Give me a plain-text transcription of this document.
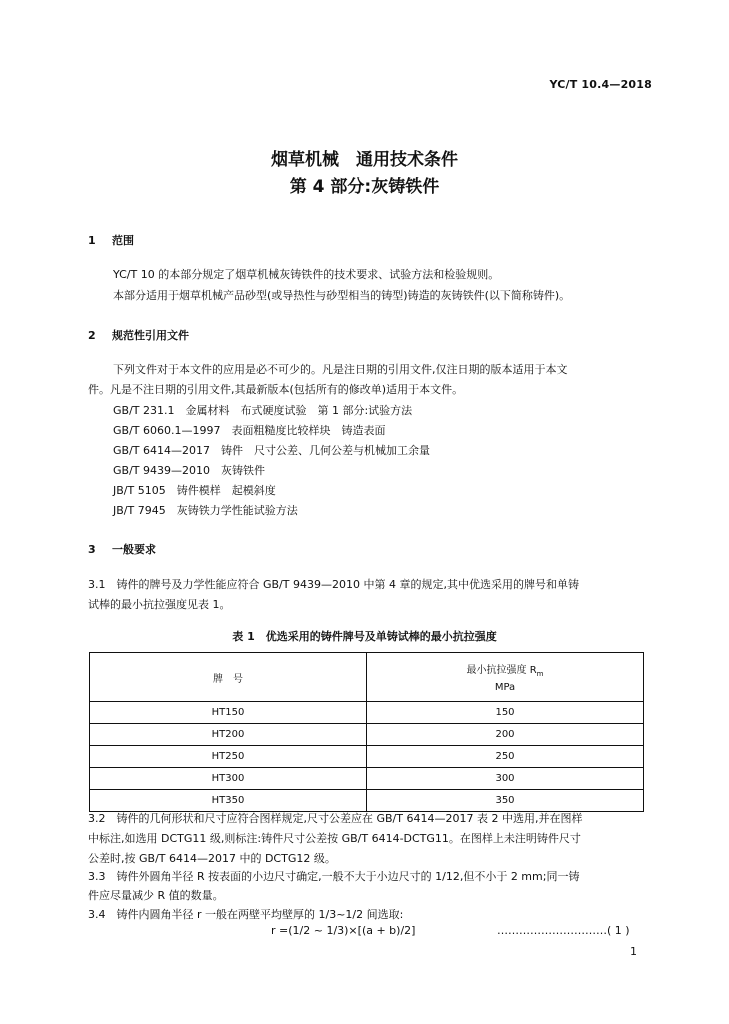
YC/T 10.4—2018
烟草机械　通用技术条件
第 4 部分:灰铸铁件
1 范围
YC/T 10 的本部分规定了烟草机械灰铸铁件的技术要求、试验方法和检验规则。
本部分适用于烟草机械产品砂型(或导热性与砂型相当的铸型)铸造的灰铸铁件(以下简称铸件)。
2 规范性引用文件
下列文件对于本文件的应用是必不可少的。凡是注日期的引用文件,仅注日期的版本适用于本文
件。凡是不注日期的引用文件,其最新版本(包括所有的修改单)适用于本文件。
GB/T 231.1　金属材料　布式硬度试验　第 1 部分:试验方法
GB/T 6060.1—1997　表面粗糙度比较样块　铸造表面
GB/T 6414—2017　铸件　尺寸公差、几何公差与机械加工余量
GB/T 9439—2010　灰铸铁件
JB/T 5105　铸件模样　起模斜度
JB/T 7945　灰铸铁力学性能试验方法
3 一般要求
3.1　铸件的牌号及力学性能应符合 GB/T 9439—2010 中第 4 章的规定,其中优选采用的牌号和单铸
试棒的最小抗拉强度见表 1。
表 1　优选采用的铸件牌号及单铸试棒的最小抗拉强度
牌　号	最小抗拉强度 $R_m$
MPa

HT150	150
HT200	200
HT250	250
HT300	300
HT350	350
3.2　铸件的几何形状和尺寸应符合图样规定,尺寸公差应在 GB/T 6414—2017 表 2 中选用,并在图样
中标注,如选用 DCTG11 级,则标注:铸件尺寸公差按 GB/T 6414-DCTG11。在图样上未注明铸件尺寸
公差时,按 GB/T 6414—2017 中的 DCTG12 级。
3.3　铸件外圆角半径 R 按表面的小边尺寸确定,一般不大于小边尺寸的 1/12,但不小于 2 mm;同一铸
件应尽量减少 R 值的数量。
3.4　铸件内圆角半径 r 一般在两壁平均壁厚的 1/3~1/2 间选取:
r =(1/2 ~ 1/3)×[(a + b)/2]	…………………………( 1 )
1
